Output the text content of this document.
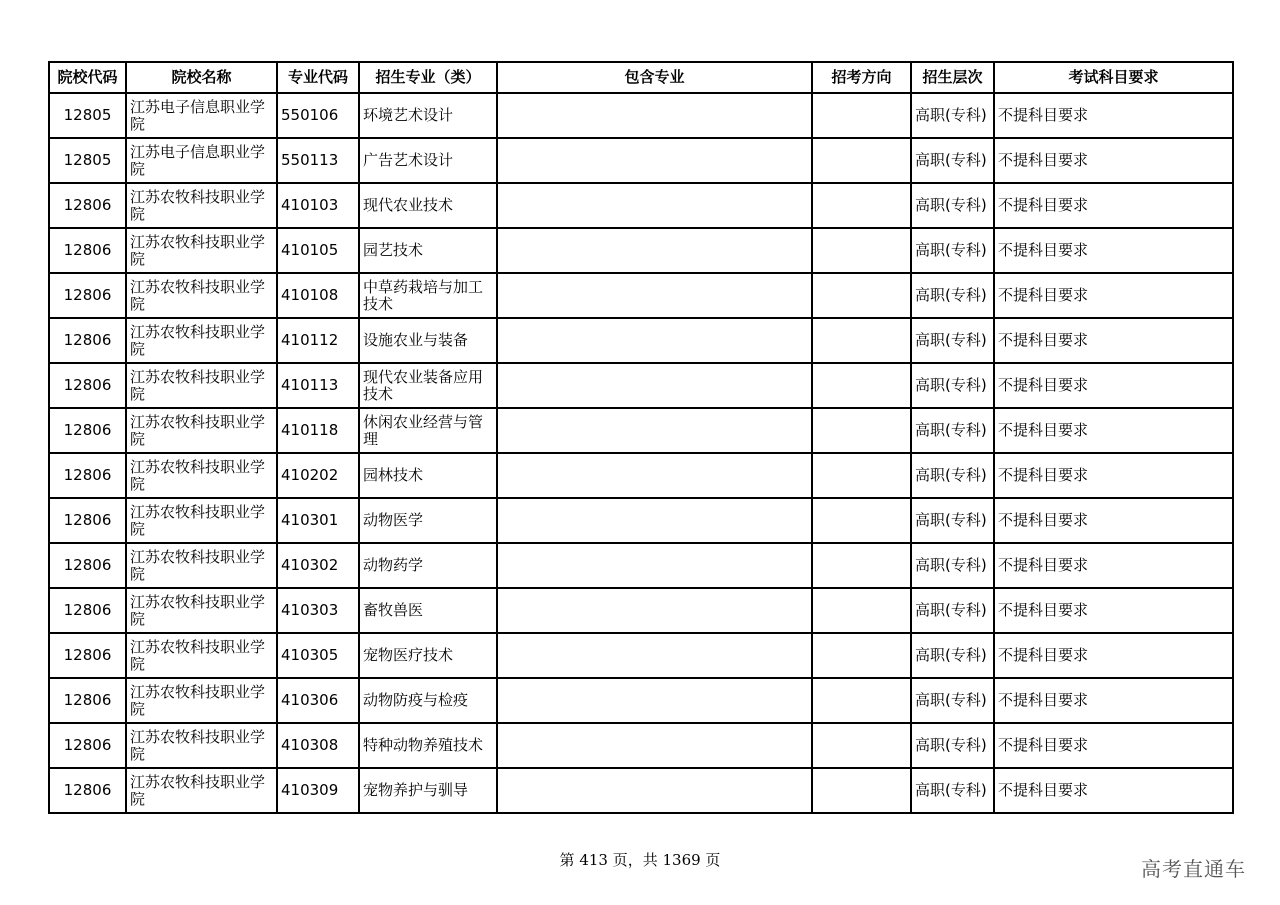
院校代码	院校名称	专业代码	招生专业（类）	包含专业	招考方向	招生层次	考试科目要求
12805	江苏电子信息职业学院	550106	环境艺术设计			高职(专科)	不提科目要求
12805	江苏电子信息职业学院	550113	广告艺术设计			高职(专科)	不提科目要求
12806	江苏农牧科技职业学院	410103	现代农业技术			高职(专科)	不提科目要求
12806	江苏农牧科技职业学院	410105	园艺技术			高职(专科)	不提科目要求
12806	江苏农牧科技职业学院	410108	中草药栽培与加工技术			高职(专科)	不提科目要求
12806	江苏农牧科技职业学院	410112	设施农业与装备			高职(专科)	不提科目要求
12806	江苏农牧科技职业学院	410113	现代农业装备应用技术			高职(专科)	不提科目要求
12806	江苏农牧科技职业学院	410118	休闲农业经营与管理			高职(专科)	不提科目要求
12806	江苏农牧科技职业学院	410202	园林技术			高职(专科)	不提科目要求
12806	江苏农牧科技职业学院	410301	动物医学			高职(专科)	不提科目要求
12806	江苏农牧科技职业学院	410302	动物药学			高职(专科)	不提科目要求
12806	江苏农牧科技职业学院	410303	畜牧兽医			高职(专科)	不提科目要求
12806	江苏农牧科技职业学院	410305	宠物医疗技术			高职(专科)	不提科目要求
12806	江苏农牧科技职业学院	410306	动物防疫与检疫			高职(专科)	不提科目要求
12806	江苏农牧科技职业学院	410308	特种动物养殖技术			高职(专科)	不提科目要求
12806	江苏农牧科技职业学院	410309	宠物养护与驯导			高职(专科)	不提科目要求
第 413 页，共 1369 页	高考直通车
